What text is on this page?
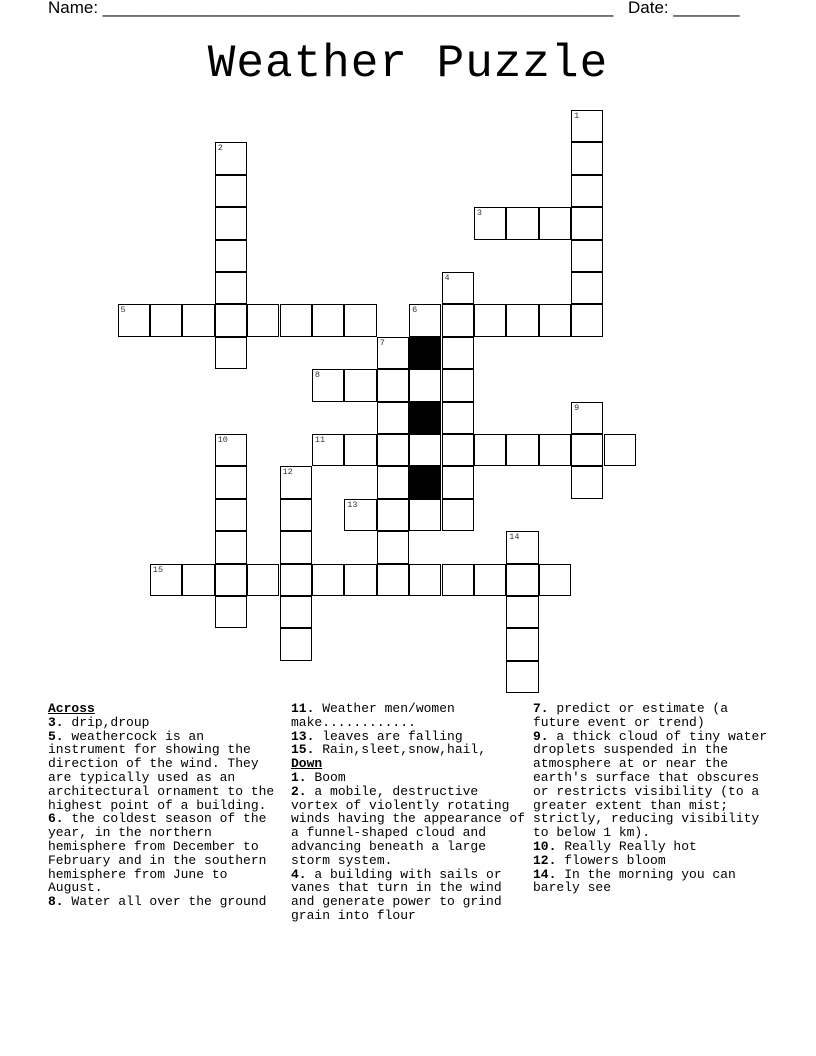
Name: ______________________________________________________ Date: _______
Weather Puzzle
1
2
3
4
5	6
7
8
9
10	11
12
13
14
15
Across

3. drip,droup

5. weathercock is an instrument for showing the direction of the wind. They are typically used as an architectural ornament to the highest point of a building.

6. the coldest season of the year, in the northern hemisphere from December to February and in the southern hemisphere from June to August.

8. Water all over the ground

11. Weather men/women make............

13. leaves are falling

15. Rain,sleet,snow,hail,

Down

1. Boom

2. a mobile, destructive vortex of violently rotating winds having the appearance of a funnel-shaped cloud and advancing beneath a large storm system.

4. a building with sails or vanes that turn in the wind and generate power to grind grain into flour

7. predict or estimate (a future event or trend)

9. a thick cloud of tiny water droplets suspended in the atmosphere at or near the earth's surface that obscures or restricts visibility (to a greater extent than mist; strictly, reducing visibility to below 1 km).

10. Really Really hot

12. flowers bloom

14. In the morning you can barely see
